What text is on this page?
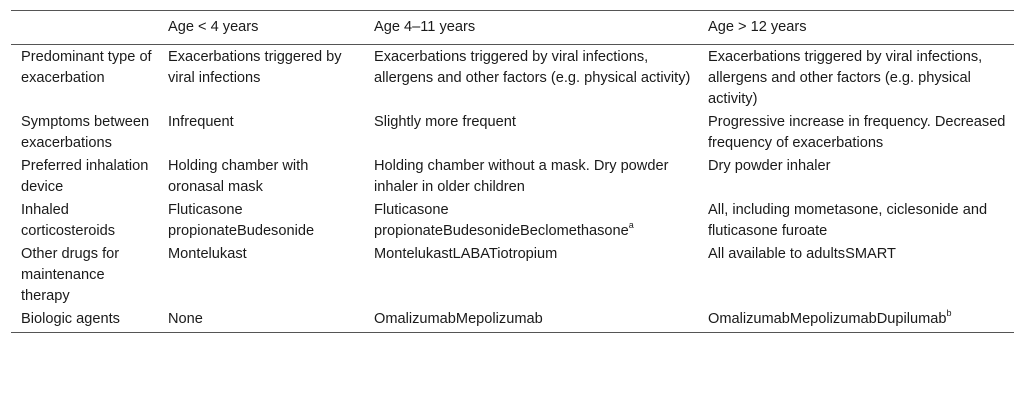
	Age < 4 years	Age 4–11 years	Age > 12 years
Predominant type of exacerbation	Exacerbations triggered by viral infections	Exacerbations triggered by viral infections, allergens and other factors (e.g. physical activity)	Exacerbations triggered by viral infections, allergens and other factors (e.g. physical activity)
Symptoms between exacerbations	Infrequent	Slightly more frequent	Progressive increase in frequency. Decreased frequency of exacerbations
Preferred inhalation device	Holding chamber with oronasal mask	Holding chamber without a mask. Dry powder inhaler in older children	Dry powder inhaler
Inhaled corticosteroids	Fluticasone propionateBudesonide	Fluticasone propionateBudesonideBeclomethasone$^a$	All, including mometasone, ciclesonide and fluticasone furoate
Other drugs for maintenance therapy	Montelukast	MontelukastLABATiotropium	All available to adultsSMART
Biologic agents	None	OmalizumabMepolizumab	OmalizumabMepolizumabDupilumab$^b$
